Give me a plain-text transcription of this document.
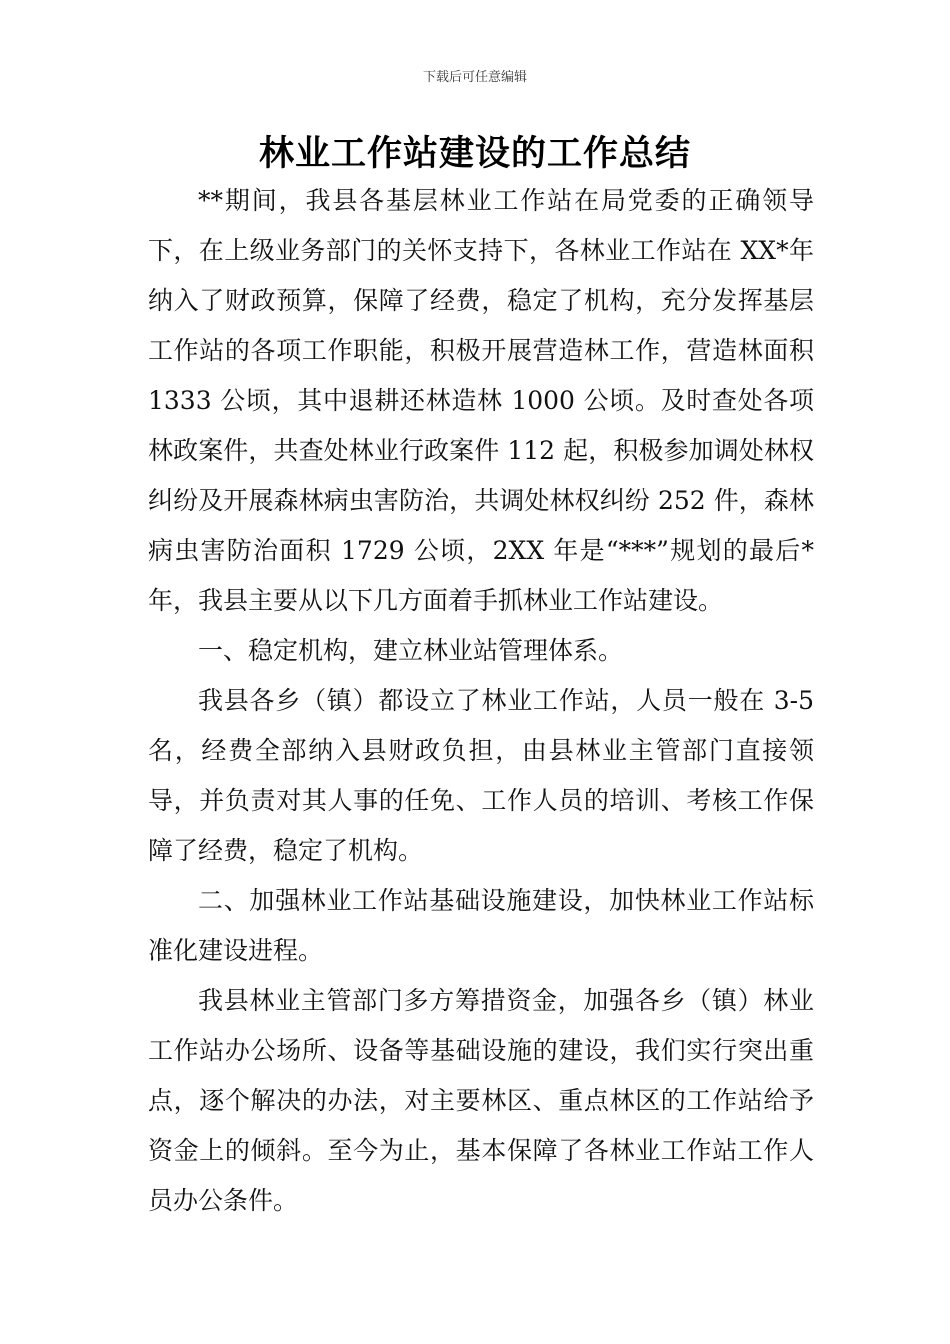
下载后可任意编辑
林业工作站建设的工作总结

**期间，我县各基层林业工作站在局党委的正确领导下，在上级业务部门的关怀支持下，各林业工作站在 XX*年纳入了财政预算，保障了经费，稳定了机构，充分发挥基层工作站的各项工作职能，积极开展营造林工作，营造林面积 1333 公顷，其中退耕还林造林 1000 公顷。及时查处各项林政案件，共查处林业行政案件 112 起，积极参加调处林权纠纷及开展森林病虫害防治，共调处林权纠纷 252 件，森林病虫害防治面积 1729 公顷，2XX 年是“***”规划的最后*年，我县主要从以下几方面着手抓林业工作站建设。

一、稳定机构，建立林业站管理体系。

我县各乡（镇）都设立了林业工作站，人员一般在 3-5 名，经费全部纳入县财政负担，由县林业主管部门直接领导，并负责对其人事的任免、工作人员的培训、考核工作保障了经费，稳定了机构。

二、加强林业工作站基础设施建设，加快林业工作站标准化建设进程。

我县林业主管部门多方筹措资金，加强各乡（镇）林业工作站办公场所、设备等基础设施的建设，我们实行突出重点，逐个解决的办法，对主要林区、重点林区的工作站给予资金上的倾斜。至今为止，基本保障了各林业工作站工作人员办公条件。
